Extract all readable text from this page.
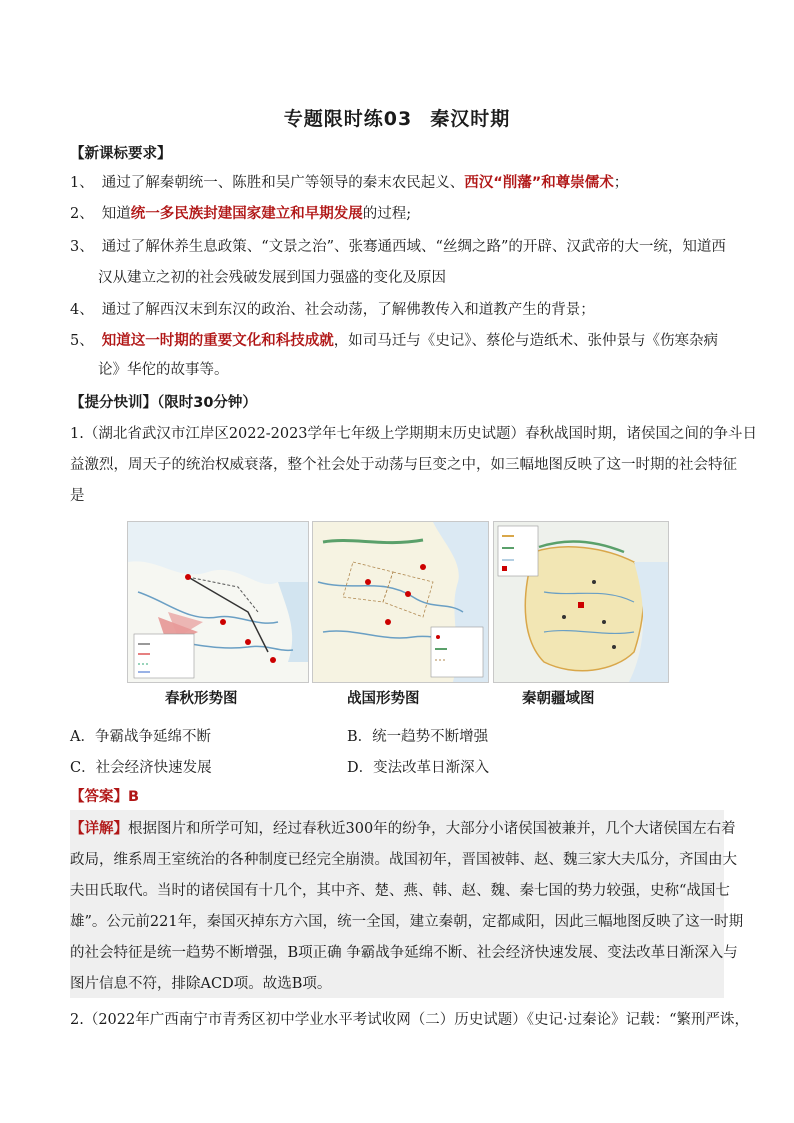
专题限时练03 秦汉时期
【新课标要求】
1、 通过了解秦朝统一、陈胜和吴广等领导的秦末农民起义、西汉“削藩”和尊崇儒术；
2、 知道统一多民族封建国家建立和早期发展的过程;
3、 通过了解休养生息政策、“文景之治”、张骞通西域、“丝绸之路”的开辟、汉武帝的大一统，知道西
汉从建立之初的社会残破发展到国力强盛的变化及原因
4、 通过了解西汉末到东汉的政治、社会动荡，了解佛教传入和道教产生的背景；
5、 知道这一时期的重要文化和科技成就，如司马迁与《史记》、蔡伦与造纸术、张仲景与《伤寒杂病
论》华佗的故事等。
【提分快训】（限时30分钟）
1.（湖北省武汉市江岸区2022-2023学年七年级上学期期末历史试题）春秋战国时期，诸侯国之间的争斗日
益激烈，周天子的统治权威衰落，整个社会处于动荡与巨变之中，如三幅地图反映了这一时期的社会特征
是
春秋形势图	战国形势图	秦朝疆域图
A．争霸战争延绵不断	B．统一趋势不断增强
C．社会经济快速发展	D．变法改革日渐深入
【答案】B
【详解】根据图片和所学可知，经过春秋近300年的纷争，大部分小诸侯国被兼并，几个大诸侯国左右着
政局，维系周王室统治的各种制度已经完全崩溃。战国初年，晋国被韩、赵、魏三家大夫瓜分，齐国由大
夫田氏取代。当时的诸侯国有十几个，其中齐、楚、燕、韩、赵、魏、秦七国的势力较强，史称“战国七
雄”。公元前221年，秦国灭掉东方六国，统一全国，建立秦朝，定都咸阳，因此三幅地图反映了这一时期
的社会特征是统一趋势不断增强，B项正确 争霸战争延绵不断、社会经济快速发展、变法改革日渐深入与
图片信息不符，排除ACD项。故选B项。
2.（2022年广西南宁市青秀区初中学业水平考试收网（二）历史试题）《史记·过秦论》记载：“繁刑严诛，
